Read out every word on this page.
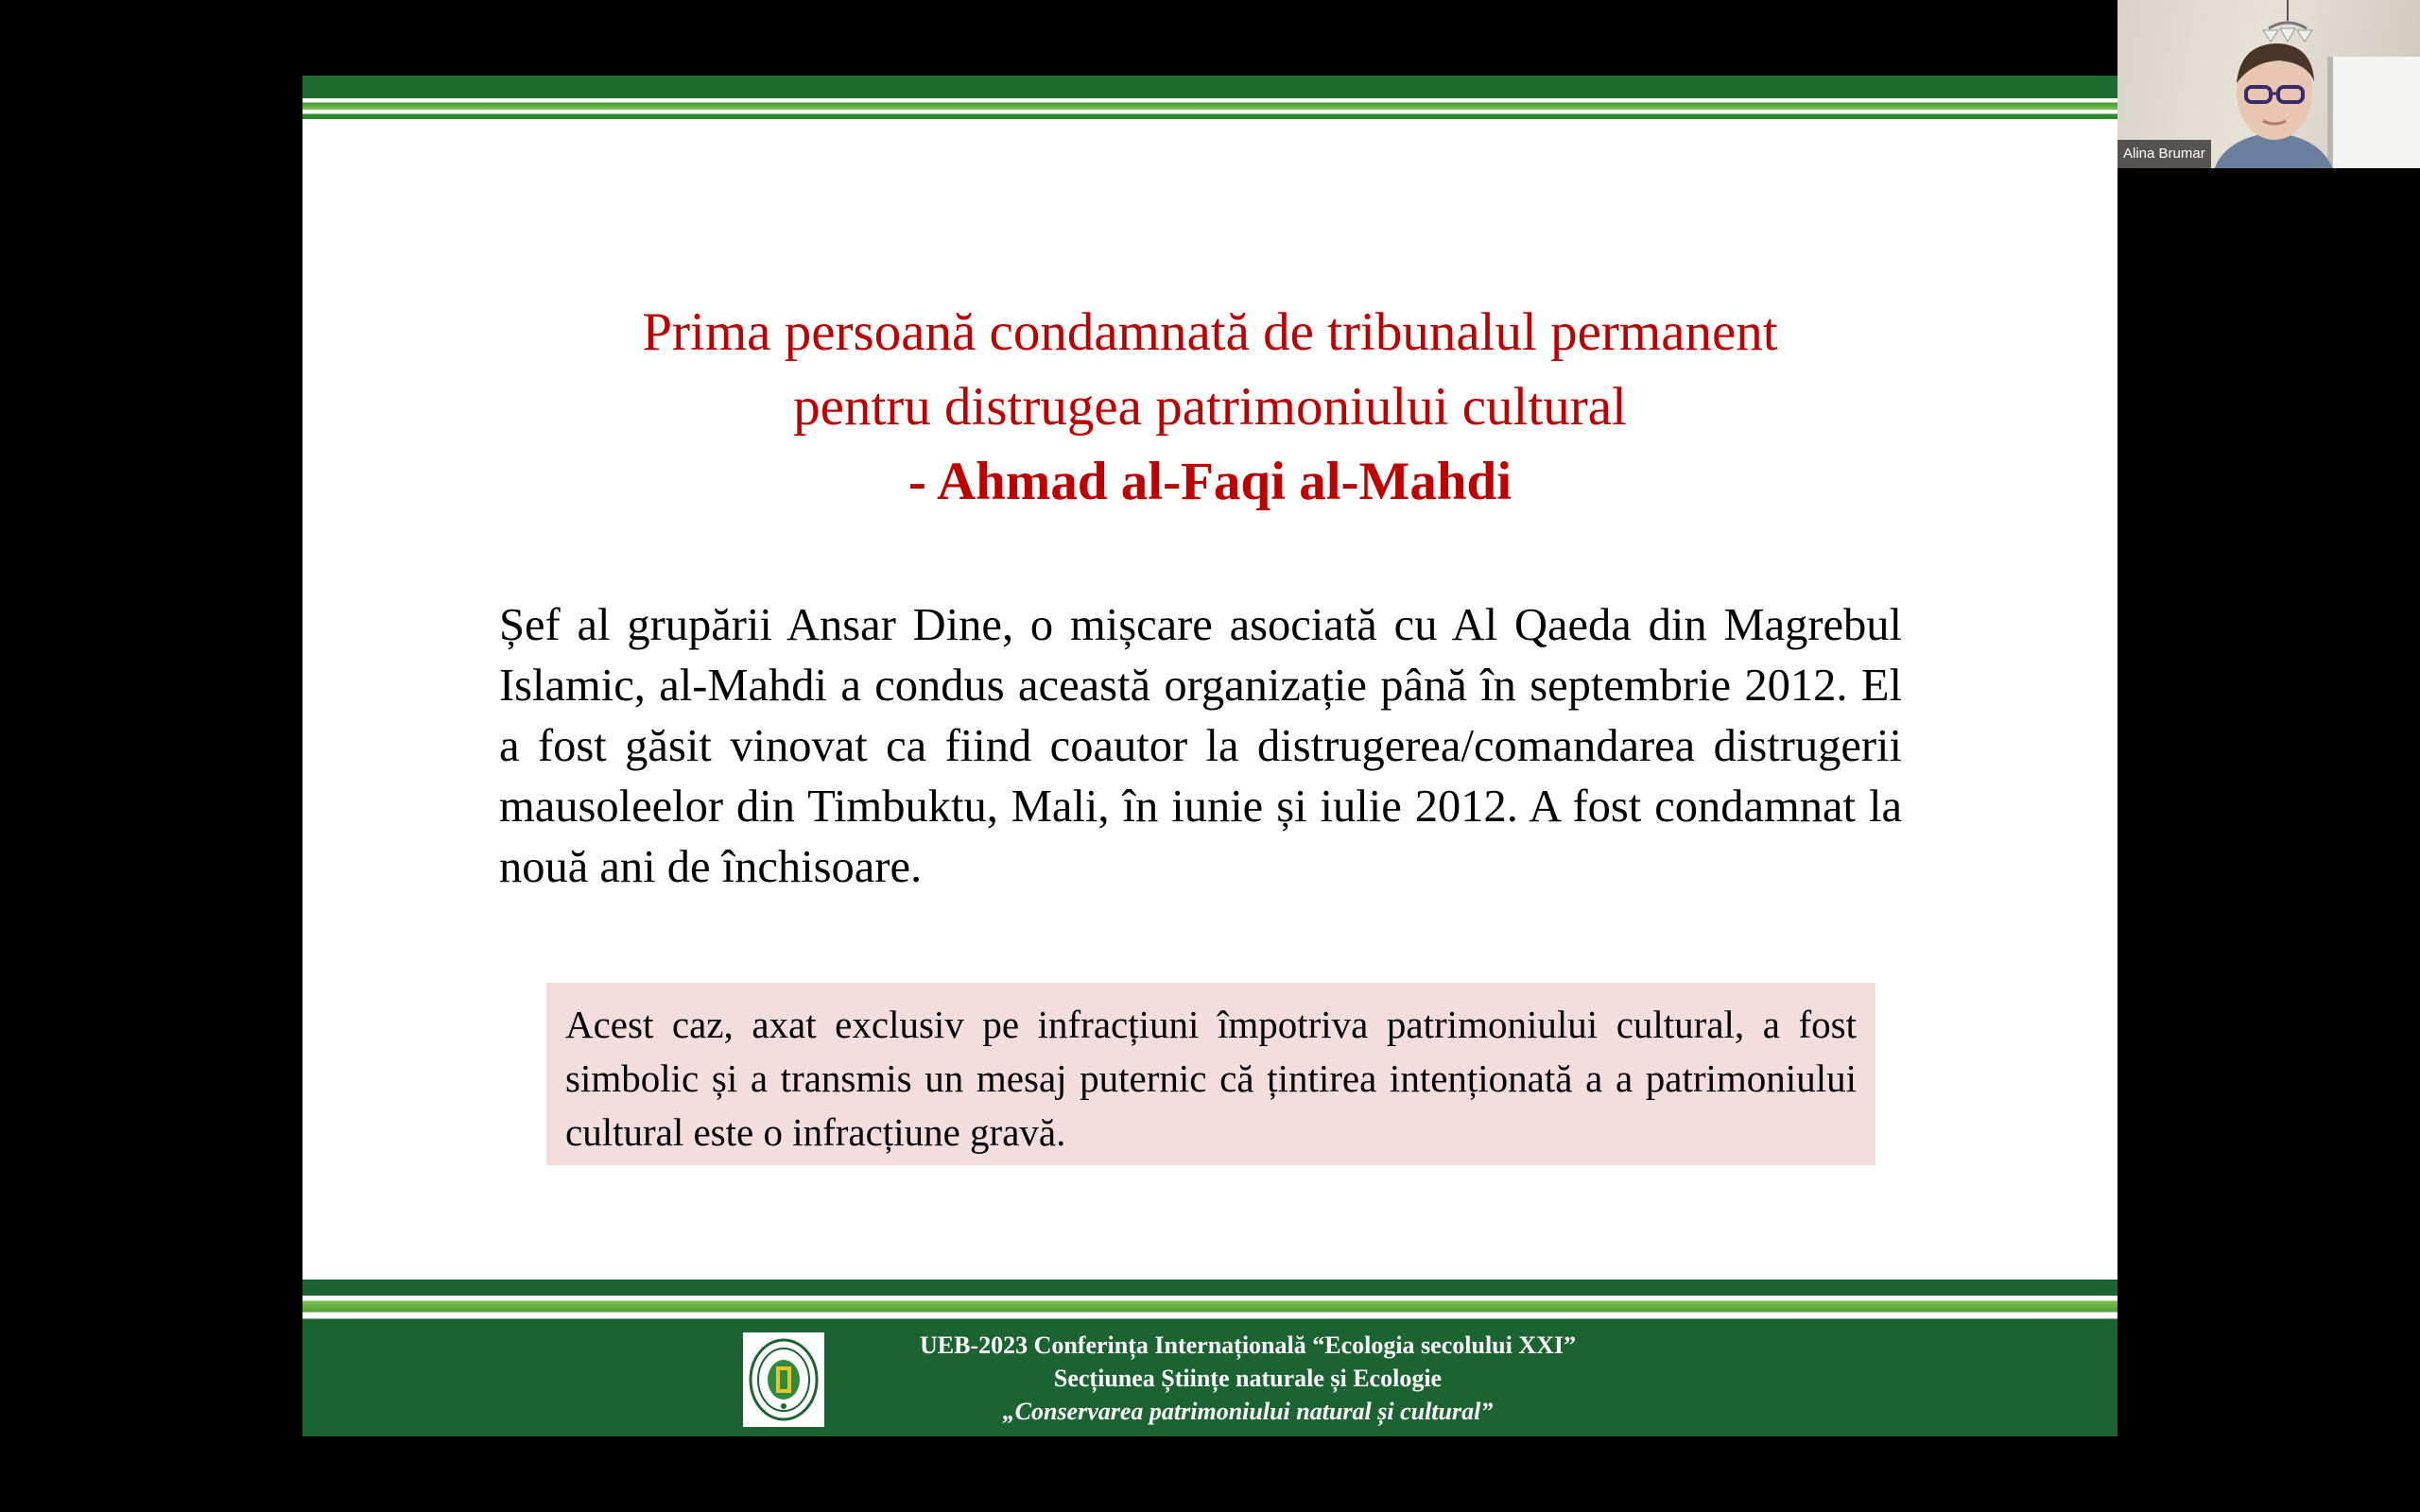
Prima persoană condamnată de tribunalul permanent
pentru distrugea patrimoniului cultural
- Ahmad al-Faqi al-Mahdi
Șef al grupării Ansar Dine, o mișcare asociată cu Al Qaeda din Magrebul Islamic, al-Mahdi a condus această organizație până în septembrie 2012. El a fost găsit vinovat ca fiind coautor la distrugerea/comandarea distrugerii mausoleelor din Timbuktu, Mali, în iunie și iulie 2012. A fost condamnat la nouă ani de închisoare.
Acest caz, axat exclusiv pe infracțiuni împotriva patrimoniului cultural, a fost simbolic și a transmis un mesaj puternic că țintirea intenționată a a patrimoniului cultural este o infracțiune gravă.
UEB-2023 Conferința Internațională “Ecologia secolului XXI”
Secțiunea Științe naturale și Ecologie
„Conservarea patrimoniului natural și cultural”
Alina Brumar
